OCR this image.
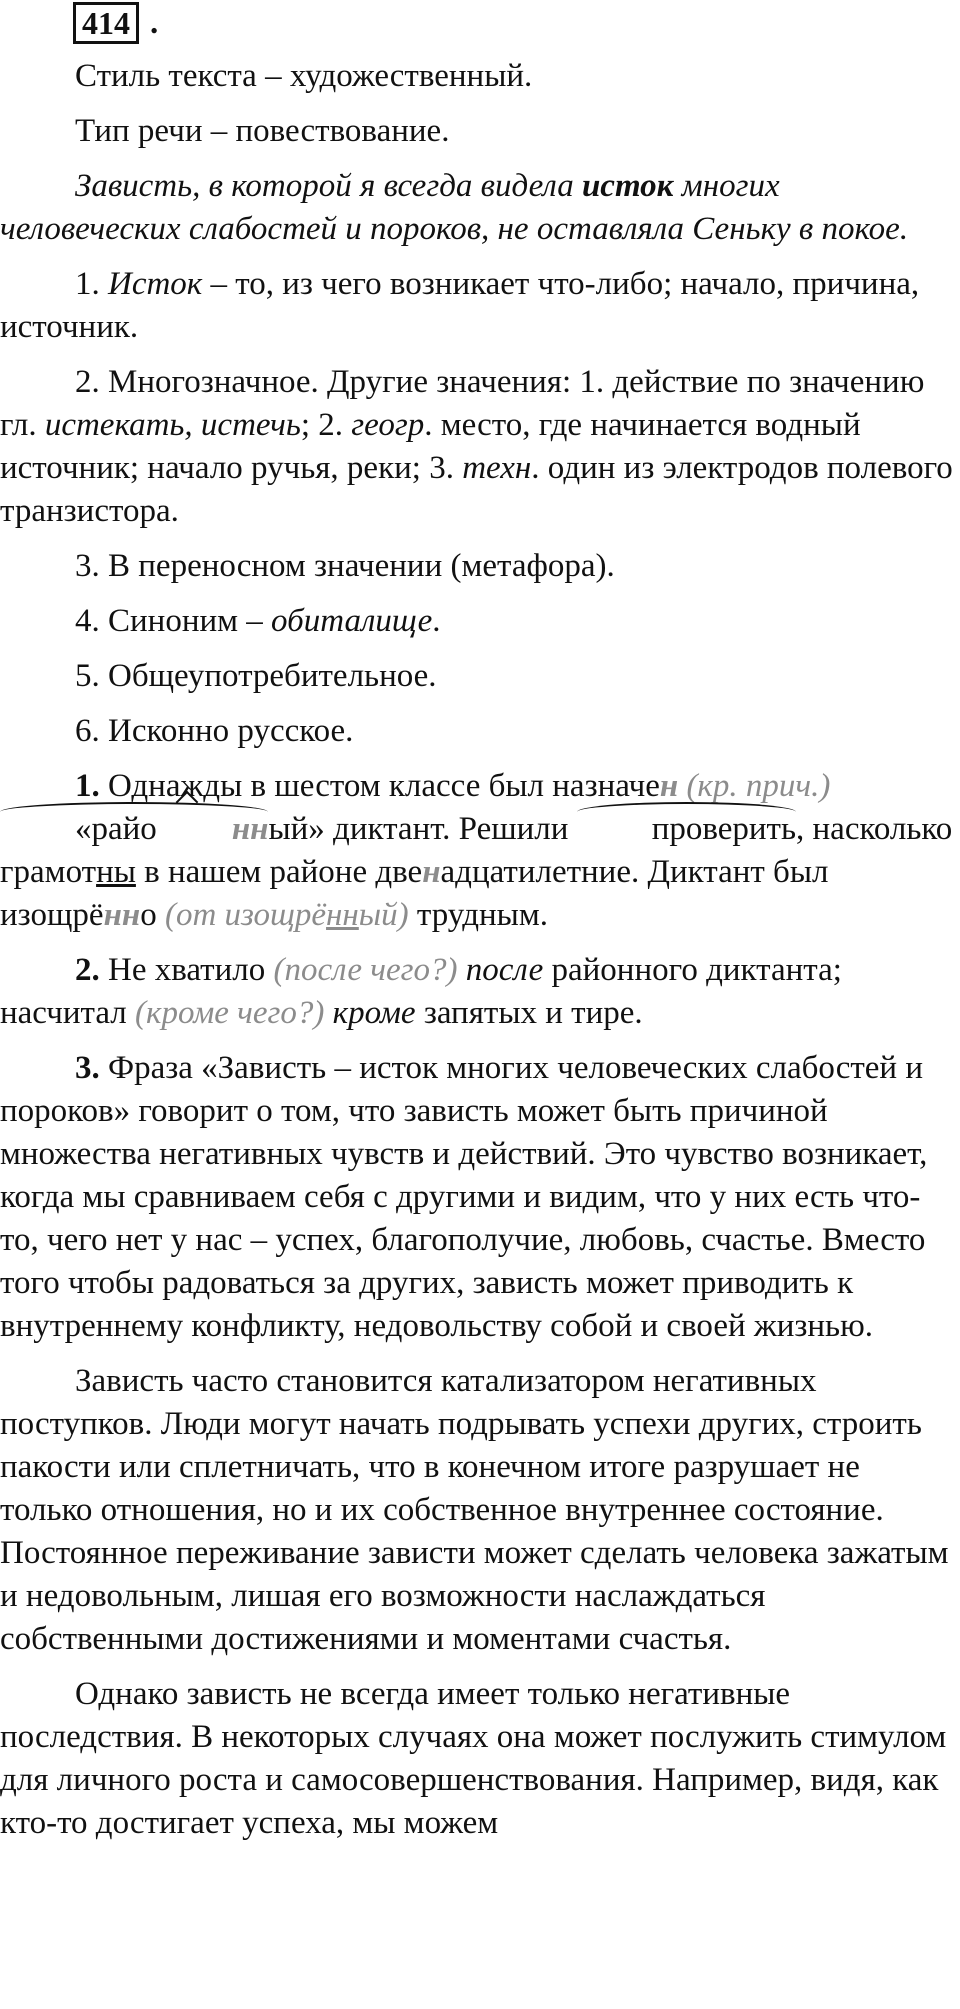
414 .

Стиль текста – художественный.

Тип речи – повествование.

Зависть, в которой я всегда видела исток многих человеческих слабостей и пороков, не оставляла Сеньку в покое.

1. Исток – то, из чего возникает что-либо; начало, причина, источник.

2. Многозначное. Другие значения: 1. действие по значению гл. истекать, истечь; 2. геогр. место, где начинается водный источник; начало ручья, реки; 3. техн. один из электродов полевого транзистора.

3. В переносном значении (метафора).

4. Синоним – обиталище.

5. Общеупотребительное.

6. Исконно русское.

1. Однажды в шестом классе был назначен (кр. прич.)
«райо нный» диктант. Решили проверить, насколько грамотны в нашем районе двенадцатилетние. Диктант был изощрённо (от изощрённый) трудным.

2. Не хватило (после чего?) после районного диктанта; насчитал (кроме чего?) кроме запятых и тире.

3. Фраза «Зависть – исток многих человеческих слабостей и пороков» говорит о том, что зависть может быть причиной множества негативных чувств и действий. Это чувство возникает, когда мы сравниваем себя с другими и видим, что у них есть что-то, чего нет у нас – успех, благополучие, любовь, счастье. Вместо того чтобы радоваться за других, зависть может приводить к внутреннему конфликту, недовольству собой и своей жизнью.

Зависть часто становится катализатором негативных поступков. Люди могут начать подрывать успехи других, строить пакости или сплетничать, что в конечном итоге разрушает не только отношения, но и их собственное внутреннее состояние. Постоянное переживание зависти может сделать человека зажатым и недовольным, лишая его возможности наслаждаться собственными достижениями и моментами счастья.

Однако зависть не всегда имеет только негативные последствия. В некоторых случаях она может послужить стимулом для личного роста и самосовершенствования. Например, видя, как кто-то достигает успеха, мы можем
